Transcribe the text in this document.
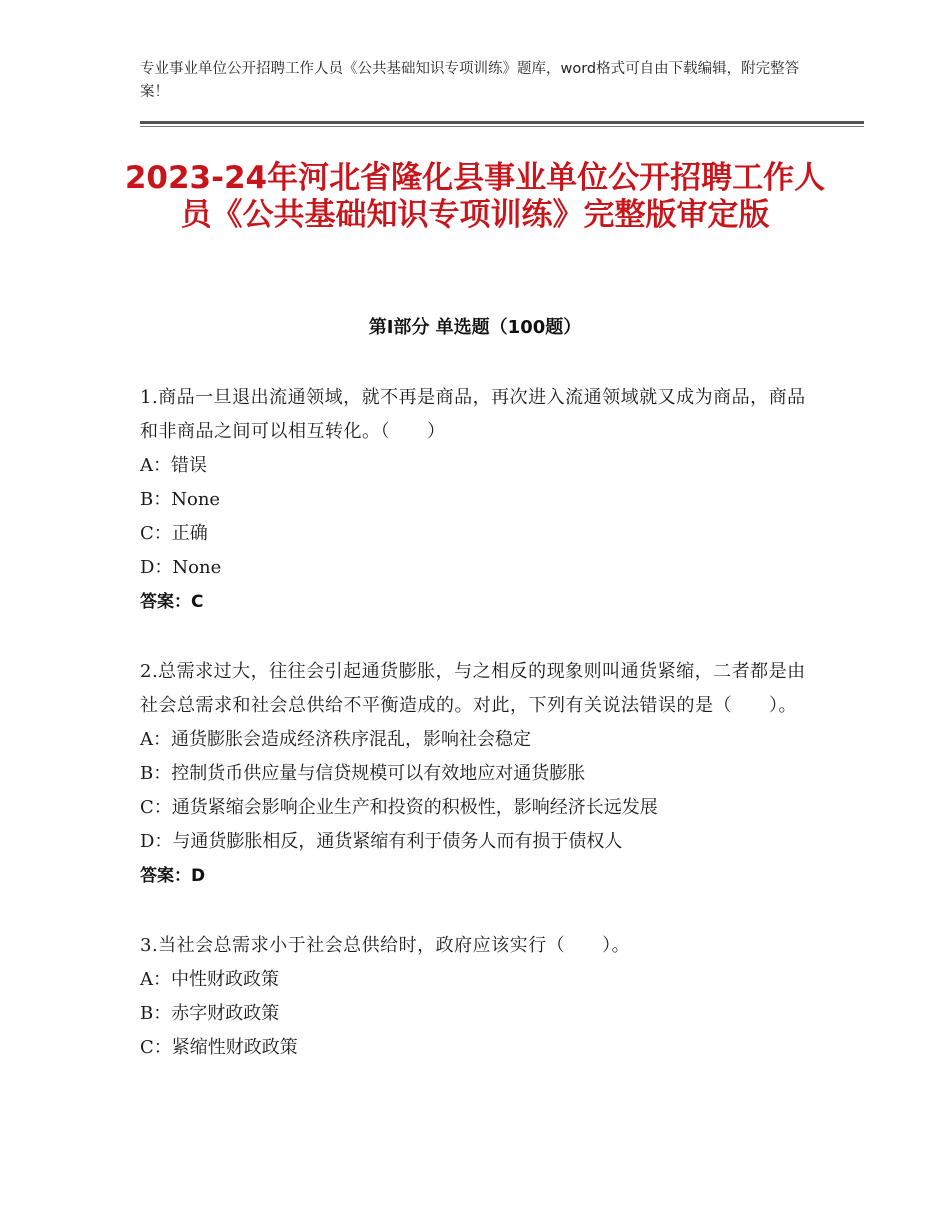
专业事业单位公开招聘工作人员《公共基础知识专项训练》题库，word格式可自由下载编辑，附完整答案！
2023-24年河北省隆化县事业单位公开招聘工作人员《公共基础知识专项训练》完整版审定版
第Ⅰ部分 单选题（100题）
1.商品一旦退出流通领域，就不再是商品，再次进入流通领域就又成为商品，商品和非商品之间可以相互转化。（　　）
A：错误
B：None
C：正确
D：None
答案：C
2.总需求过大，往往会引起通货膨胀，与之相反的现象则叫通货紧缩，二者都是由社会总需求和社会总供给不平衡造成的。对此，下列有关说法错误的是（　　）。
A：通货膨胀会造成经济秩序混乱，影响社会稳定
B：控制货币供应量与信贷规模可以有效地应对通货膨胀
C：通货紧缩会影响企业生产和投资的积极性，影响经济长远发展
D：与通货膨胀相反，通货紧缩有利于债务人而有损于债权人
答案：D
3.当社会总需求小于社会总供给时，政府应该实行（　　）。
A：中性财政政策
B：赤字财政政策
C：紧缩性财政政策
